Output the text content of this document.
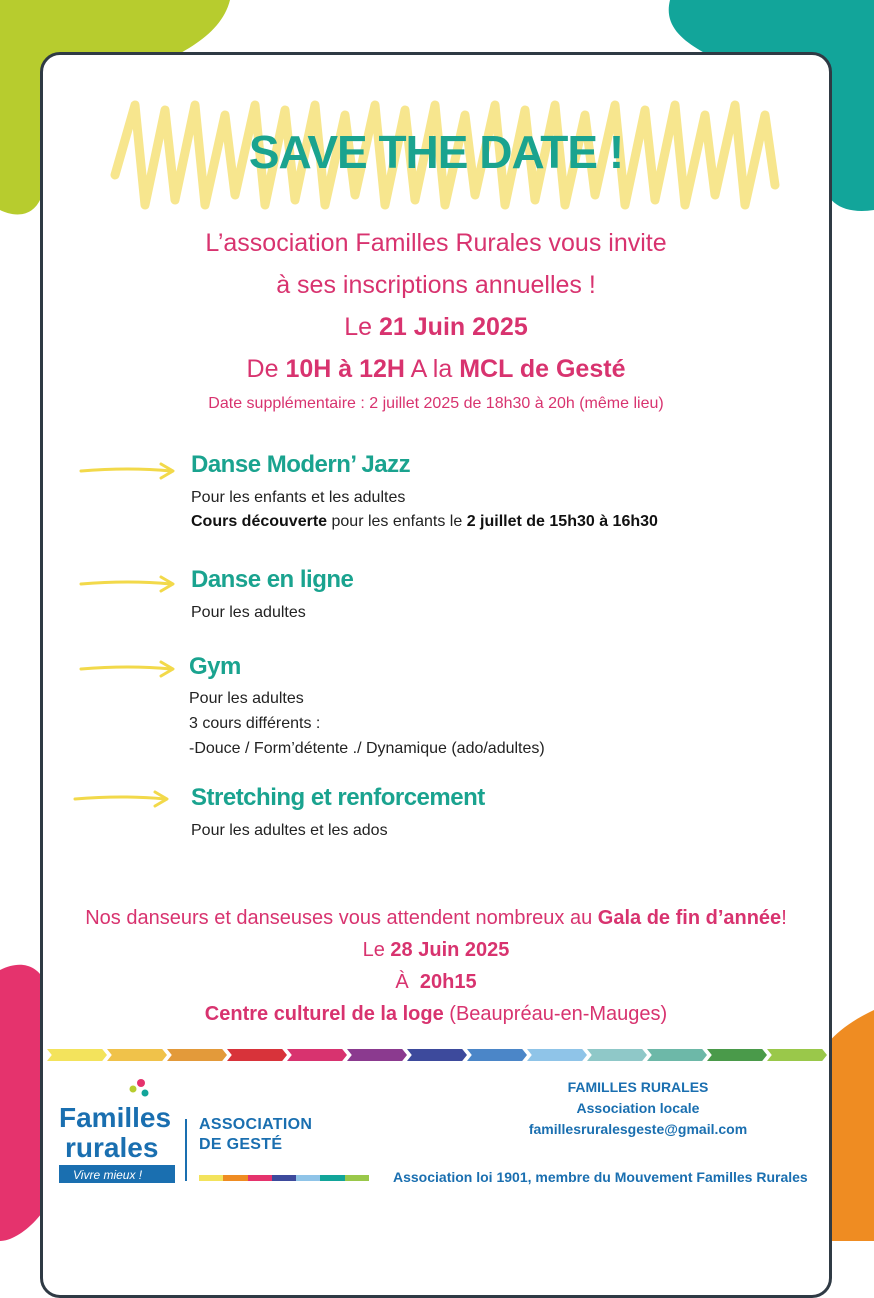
SAVE THE DATE !
L’association Familles Rurales vous invite
à ses inscriptions annuelles !
Le 21 Juin 2025
De 10H à 12H A la MCL de Gesté
Date supplémentaire : 2 juillet 2025 de 18h30 à 20h (même lieu)
Danse Modern’ Jazz
Pour les enfants et les adultes
Cours découverte pour les enfants le 2 juillet de 15h30 à 16h30
Danse en ligne
Pour les adultes
Gym
Pour les adultes
3 cours différents :
-Douce / Form’détente ./ Dynamique (ado/adultes)
Stretching et renforcement
Pour les adultes et les ados
Nos danseurs et danseuses vous attendent nombreux au Gala de fin d’année!
Le 28 Juin 2025
À 20h15
Centre culturel de la loge (Beaupréau-en-Mauges)
Familles
rurales
Vivre mieux !
ASSOCIATION
DE GESTÉ
FAMILLES RURALES
Association locale
famillesruralesgeste@gmail.com
Association loi 1901, membre du Mouvement Familles Rurales
